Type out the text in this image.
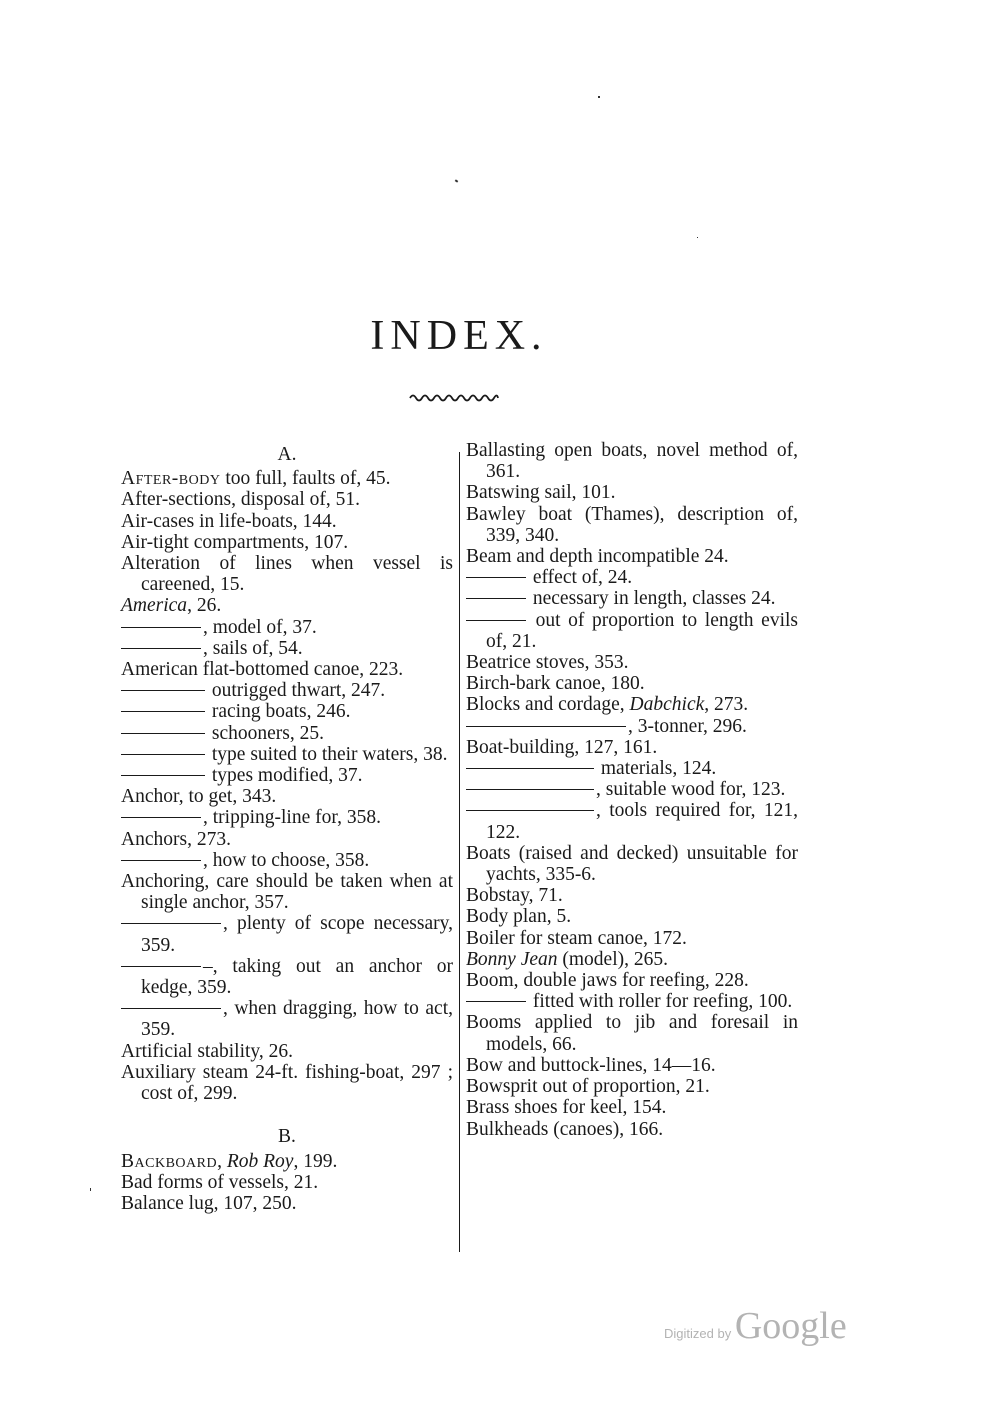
INDEX.
A.
After-body too full, faults of, 45.
After-sections, disposal of, 51.
Air-cases in life-boats, 144.
Air-tight compartments, 107.
Alteration of lines when vessel is careened, 15.
America, 26.
, model of, 37.
, sails of, 54.
American flat-bottomed canoe, 223.
outrigged thwart, 247.
racing boats, 246.
schooners, 25.
type suited to their waters, 38.
types modified, 37.
Anchor, to get, 343.
, tripping-line for, 358.
Anchors, 273.
, how to choose, 358.
Anchoring, care should be taken when at single anchor, 357.
, plenty of scope necessary, 359.
–, taking out an anchor or kedge, 359.
, when dragging, how to act, 359.
Artificial stability, 26.
Auxiliary steam 24-ft. fishing-boat, 297 ; cost of, 299.
B.
Backboard, Rob Roy, 199.
Bad forms of vessels, 21.
Balance lug, 107, 250.
Ballasting open boats, novel method of, 361.
Batswing sail, 101.
Bawley boat (Thames), description of, 339, 340.
Beam and depth incompatible 24.
effect of, 24.
necessary in length, classes 24.
out of proportion to length evils of, 21.
Beatrice stoves, 353.
Birch-bark canoe, 180.
Blocks and cordage, Dabchick, 273.
, 3-tonner, 296.
Boat-building, 127, 161.
materials, 124.
, suitable wood for, 123.
, tools required for, 121, 122.
Boats (raised and decked) unsuitable for yachts, 335-6.
Bobstay, 71.
Body plan, 5.
Boiler for steam canoe, 172.
Bonny Jean (model), 265.
Boom, double jaws for reefing, 228.
fitted with roller for reefing, 100.
Booms applied to jib and foresail in models, 66.
Bow and buttock-lines, 14—16.
Bowsprit out of proportion, 21.
Brass shoes for keel, 154.
Bulkheads (canoes), 166.
Digitized by Google
